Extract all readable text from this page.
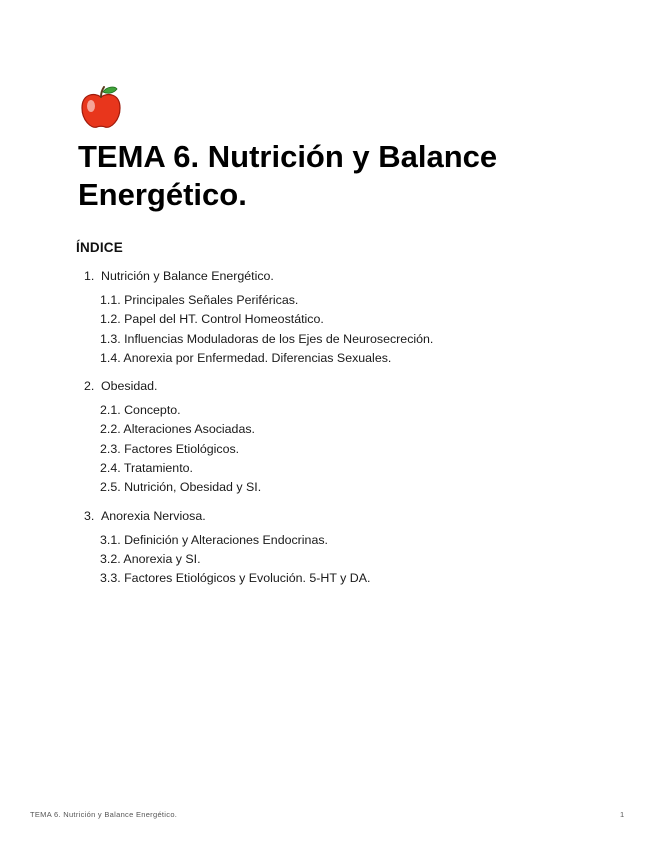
TEMA 6. Nutrición y Balance Energético.
ÍNDICE
1. Nutrición y Balance Energético.
1.1. Principales Señales Periféricas.
1.2. Papel del HT. Control Homeostático.
1.3. Influencias Moduladoras de los Ejes de Neurosecreción.
1.4. Anorexia por Enfermedad. Diferencias Sexuales.
2. Obesidad.
2.1. Concepto.
2.2. Alteraciones Asociadas.
2.3. Factores Etiológicos.
2.4. Tratamiento.
2.5. Nutrición, Obesidad y SI.
3. Anorexia Nerviosa.
3.1. Definición y Alteraciones Endocrinas.
3.2. Anorexia y SI.
3.3. Factores Etiológicos y Evolución. 5-HT y DA.
TEMA 6. Nutrición y Balance Energético.	1
